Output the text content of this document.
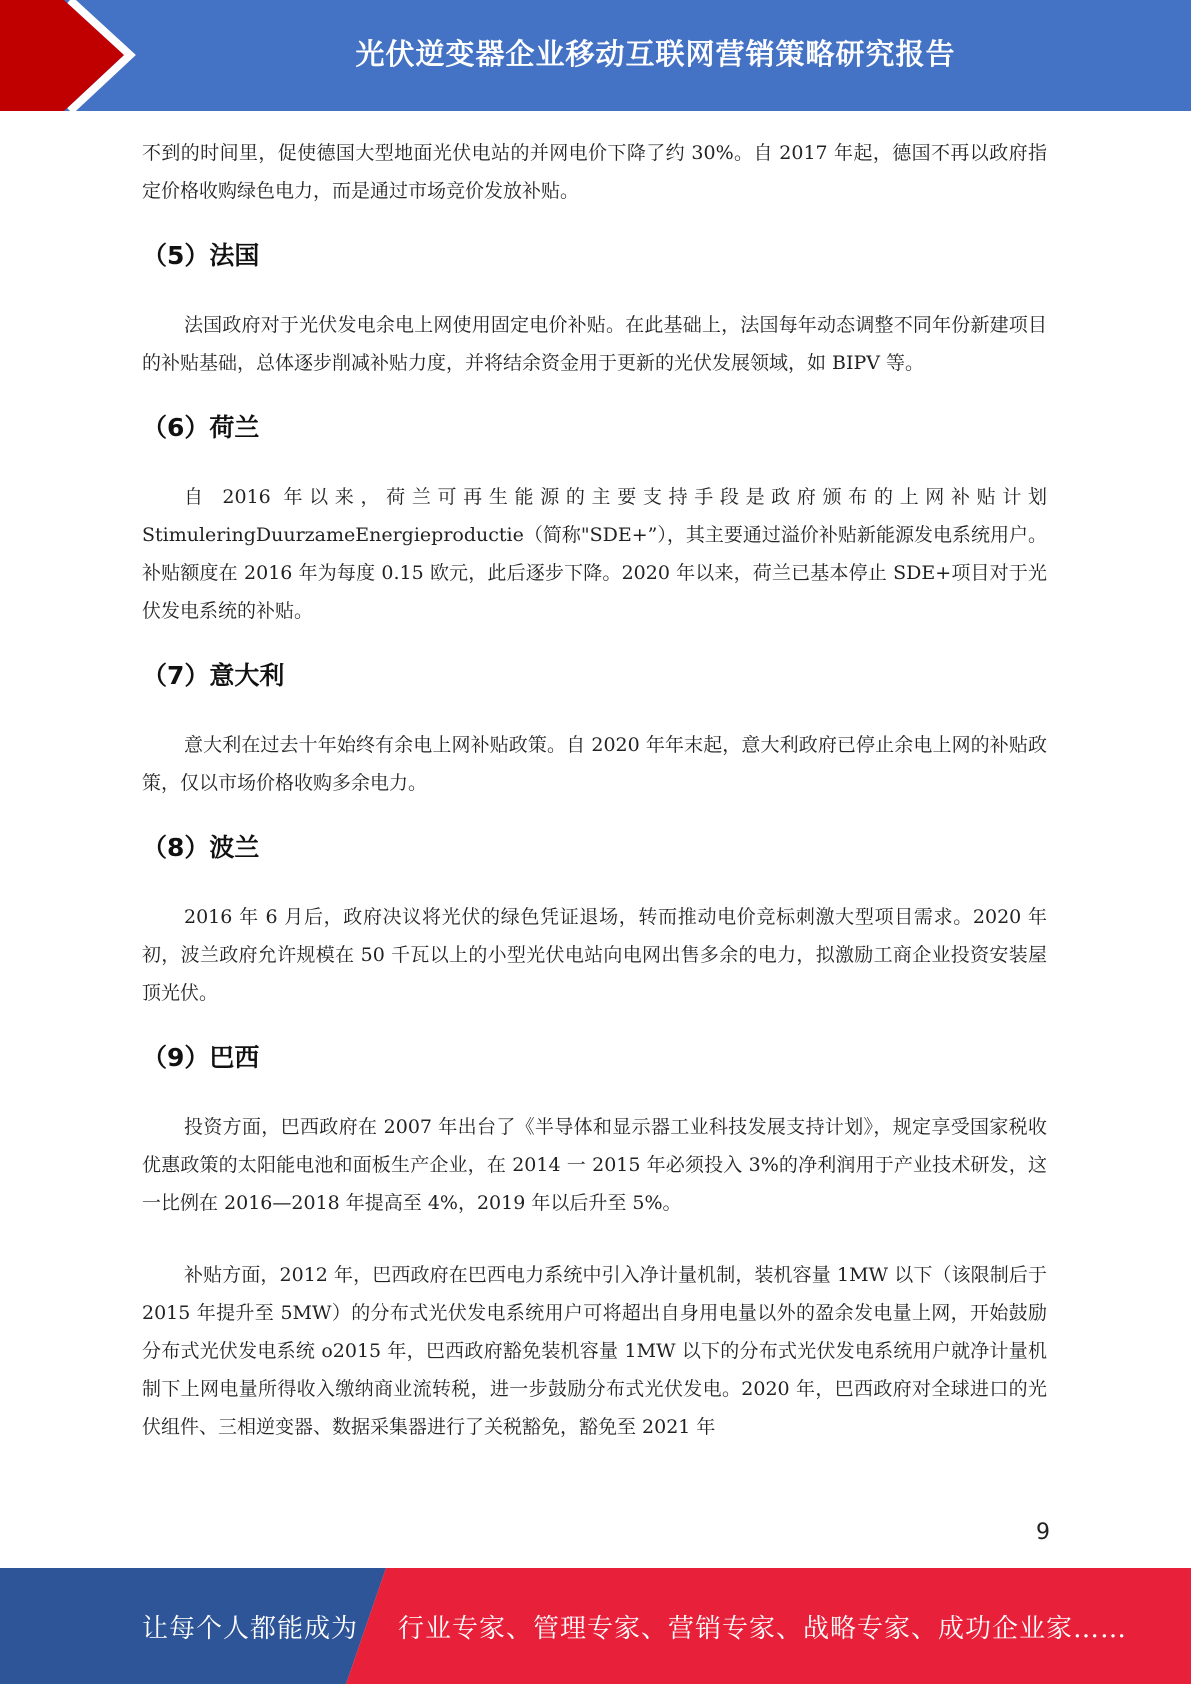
光伏逆变器企业移动互联网营销策略研究报告

不到的时间里，促使德国大型地面光伏电站的并网电价下降了约 30%。自 2017 年起，德国不再以政府指定价格收购绿色电力，而是通过市场竞价发放补贴。

（5）法国

法国政府对于光伏发电余电上网使用固定电价补贴。在此基础上，法国每年动态调整不同年份新建项目的补贴基础，总体逐步削减补贴力度，并将结余资金用于更新的光伏发展领域，如 BIPV 等。

（6）荷兰

自 2016 年以来，荷兰可再生能源的主要支持手段是政府颁布的上网补贴计划 StimuleringDuurzameEnergieproductie（简称"SDE+”），其主要通过溢价补贴新能源发电系统用户。补贴额度在 2016 年为每度 0.15 欧元，此后逐步下降。2020 年以来，荷兰已基本停止 SDE+项目对于光伏发电系统的补贴。

（7）意大利

意大利在过去十年始终有余电上网补贴政策。自 2020 年年末起，意大利政府已停止余电上网的补贴政策，仅以市场价格收购多余电力。

（8）波兰

2016 年 6 月后，政府决议将光伏的绿色凭证退场，转而推动电价竞标刺激大型项目需求。2020 年初，波兰政府允许规模在 50 千瓦以上的小型光伏电站向电网出售多余的电力，拟激励工商企业投资安装屋顶光伏。

（9）巴西

投资方面，巴西政府在 2007 年出台了《半导体和显示器工业科技发展支持计划》，规定享受国家税收优惠政策的太阳能电池和面板生产企业，在 2014 一 2015 年必须投入 3%的净利润用于产业技术研发，这一比例在 2016—2018 年提高至 4%，2019 年以后升至 5%。

补贴方面，2012 年，巴西政府在巴西电力系统中引入净计量机制，装机容量 1MW 以下（该限制后于 2015 年提升至 5MW）的分布式光伏发电系统用户可将超出自身用电量以外的盈余发电量上网，开始鼓励分布式光伏发电系统 o2015 年，巴西政府豁免装机容量 1MW 以下的分布式光伏发电系统用户就净计量机制下上网电量所得收入缴纳商业流转税，进一步鼓励分布式光伏发电。2020 年，巴西政府对全球进口的光伏组件、三相逆变器、数据采集器进行了关税豁免，豁免至 2021 年

9
让每个人都能成为 行业专家、管理专家、营销专家、战略专家、成功企业家……
